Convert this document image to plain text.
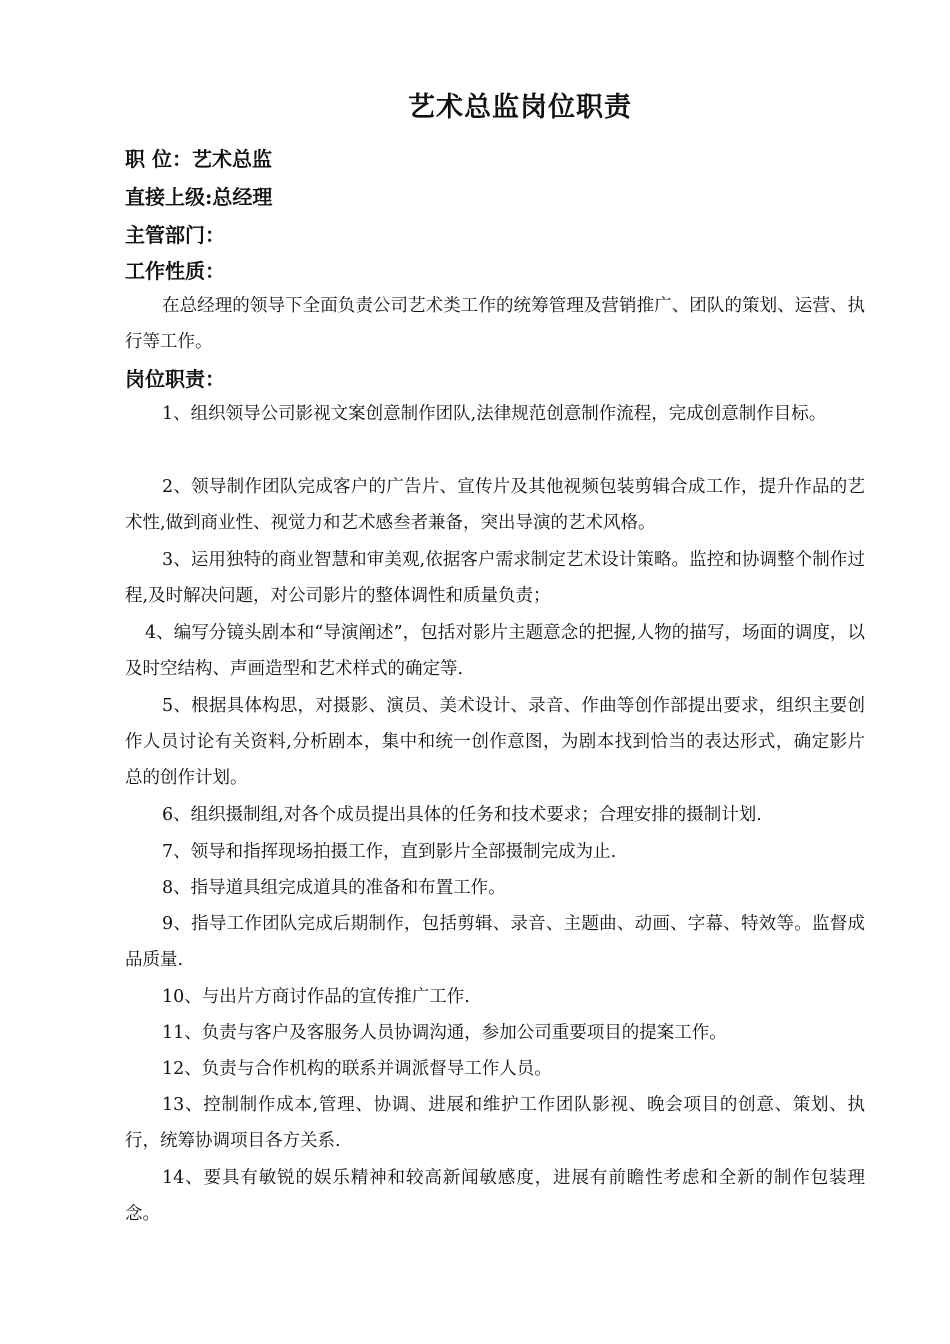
艺术总监岗位职责
职 位：艺术总监
直接上级:总经理
主管部门：
工作性质：
在总经理的领导下全面负责公司艺术类工作的统筹管理及营销推广、团队的策划、运营、执行等工作。
岗位职责：
1、组织领导公司影视文案创意制作团队,法律规范创意制作流程，完成创意制作目标。
2、领导制作团队完成客户的广告片、宣传片及其他视频包装剪辑合成工作，提升作品的艺术性,做到商业性、视觉力和艺术感叁者兼备，突出导演的艺术风格。
3、运用独特的商业智慧和审美观,依据客户需求制定艺术设计策略。监控和协调整个制作过程,及时解决问题，对公司影片的整体调性和质量负责；
4、编写分镜头剧本和“导演阐述”，包括对影片主题意念的把握,人物的描写，场面的调度，以及时空结构、声画造型和艺术样式的确定等.
5、根据具体构思，对摄影、演员、美术设计、录音、作曲等创作部提出要求，组织主要创作人员讨论有关资料,分析剧本，集中和统一创作意图，为剧本找到恰当的表达形式，确定影片总的创作计划。
6、组织摄制组,对各个成员提出具体的任务和技术要求；合理安排的摄制计划.
7、领导和指挥现场拍摄工作，直到影片全部摄制完成为止.
8、指导道具组完成道具的准备和布置工作。
9、指导工作团队完成后期制作，包括剪辑、录音、主题曲、动画、字幕、特效等。监督成品质量.
10、与出片方商讨作品的宣传推广工作.
11、负责与客户及客服务人员协调沟通，参加公司重要项目的提案工作。
12、负责与合作机构的联系并调派督导工作人员。
13、控制制作成本,管理、协调、进展和维护工作团队影视、晚会项目的创意、策划、执行，统筹协调项目各方关系.
14、要具有敏锐的娱乐精神和较高新闻敏感度，进展有前瞻性考虑和全新的制作包装理念。
